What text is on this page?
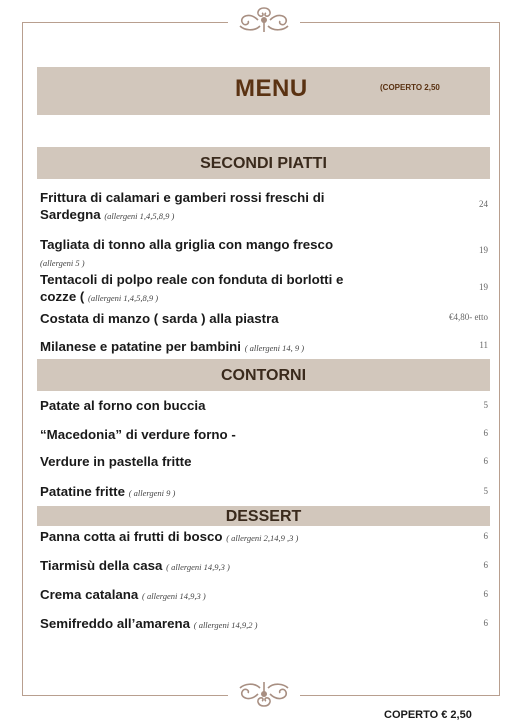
MENU	(COPERTO 2,50
SECONDI PIATTI
Frittura di calamari e gamberi rossi freschi di
Sardegna (allergeni 1,4,5,8,9 )
24
Tagliata di tonno alla griglia con mango fresco
(allergeni 5 )
19
Tentacoli di polpo reale con fonduta di borlotti e
cozze ( (allergeni 1,4,5,8,9 )
19
Costata di manzo ( sarda ) alla piastra	€4,80- etto
Milanese e patatine per bambini ( allergeni 14, 9 )	11
CONTORNI
Patate al forno con buccia	5
“Macedonia” di verdure forno -	6
Verdure in pastella fritte	6
Patatine fritte ( allergeni 9 )	5
DESSERT
Panna cotta ai frutti di bosco ( allergeni 2,14,9 ,3 )	6
Tiarmisù della casa ( allergeni 14,9,3 )	6
Crema catalana ( allergeni 14,9,3 )	6
Semifreddo all’amarena ( allergeni 14,9,2 )	6
COPERTO € 2,50
